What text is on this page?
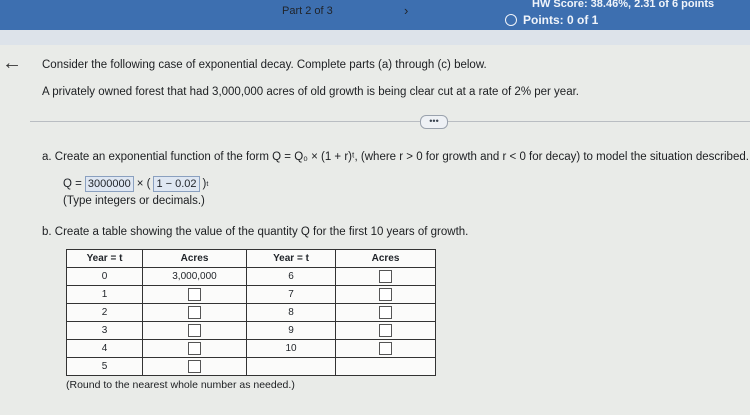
Part 2 of 3	›	HW Score: 38.46%, 2.31 of 6 points
Points: 0 of 1
← Consider the following case of exponential decay. Complete parts (a) through (c) below.
A privately owned forest that had 3,000,000 acres of old growth is being clear cut at a rate of 2% per year.
•••
a. Create an exponential function of the form Q = Q₀ × (1 + r)ᵗ, (where r > 0 for growth and r < 0 for decay) to model the situation described.
Q = 3000000 × ( 1 − 0.02 ) t
(Type integers or decimals.)
b. Create a table showing the value of the quantity Q for the first 10 years of growth.
Year = t	Acres	Year = t	Acres
0	3,000,000	6	
1		7	
2		8	
3		9	
4		10	
5			
(Round to the nearest whole number as needed.)
